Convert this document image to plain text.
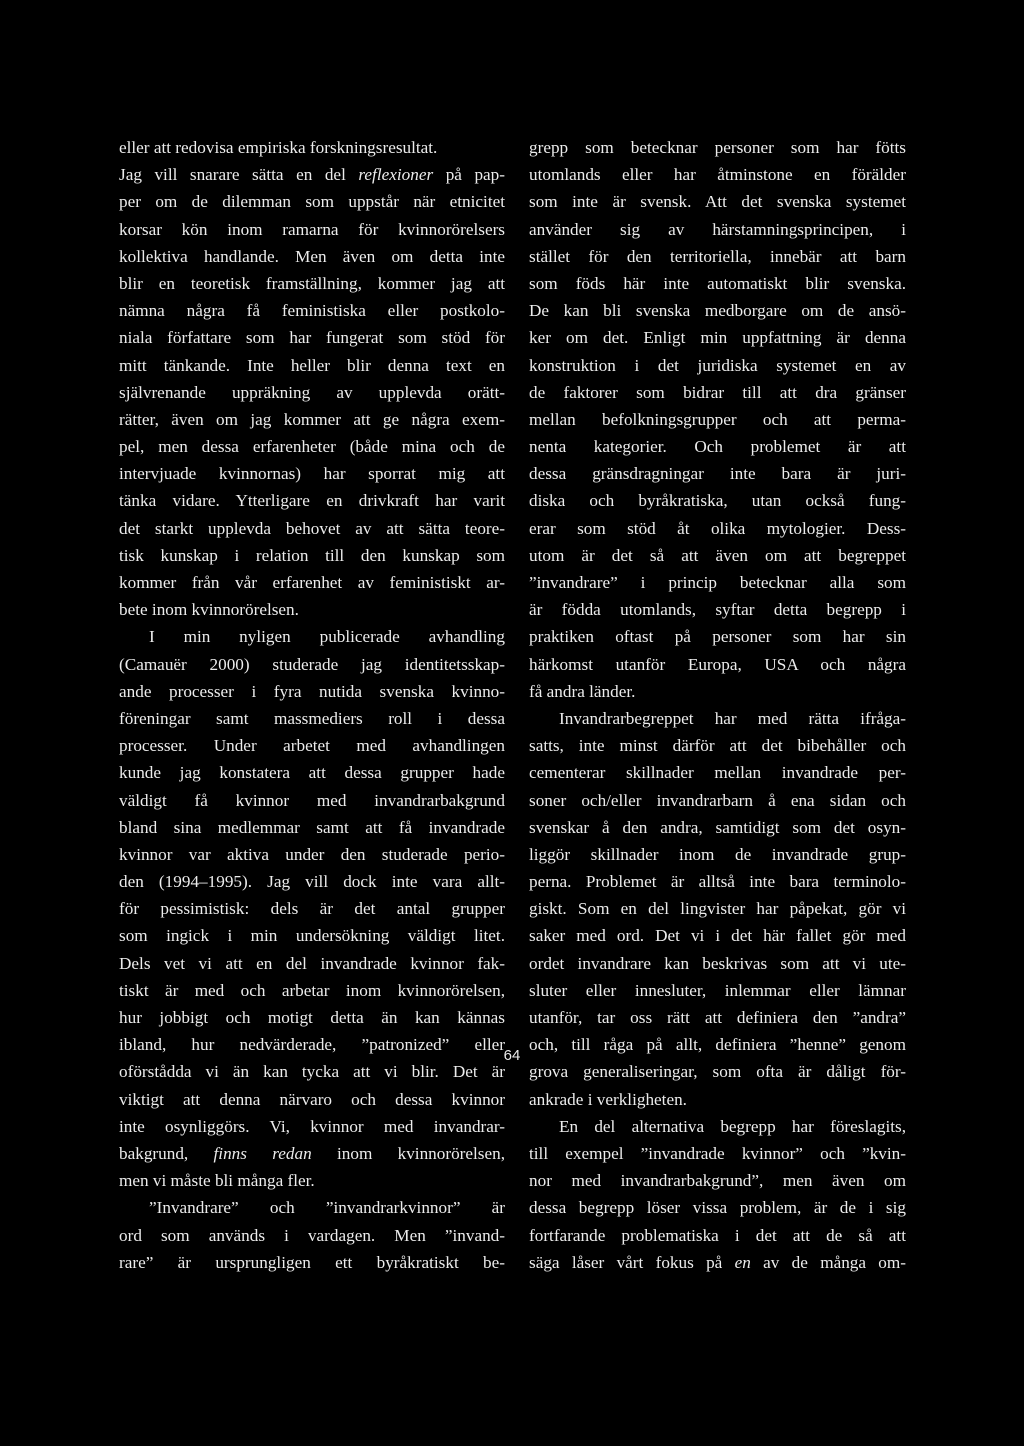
eller att redovisa empiriska forskningsresultat.
Jag vill snarare sätta en del reflexioner på pap-
per om de dilemman som uppstår när etnicitet
korsar kön inom ramarna för kvinnorörelsers
kollektiva handlande. Men även om detta inte
blir en teoretisk framställning, kommer jag att
nämna några få feministiska eller postkolo-
niala författare som har fungerat som stöd för
mitt tänkande. Inte heller blir denna text en
självrenande uppräkning av upplevda orätt-
rätter, även om jag kommer att ge några exem-
pel, men dessa erfarenheter (både mina och de
intervjuade kvinnornas) har sporrat mig att
tänka vidare. Ytterligare en drivkraft har varit
det starkt upplevda behovet av att sätta teore-
tisk kunskap i relation till den kunskap som
kommer från vår erfarenhet av feministiskt ar-
bete inom kvinnorörelsen.
I min nyligen publicerade avhandling
(Camauër 2000) studerade jag identitetsskap-
ande processer i fyra nutida svenska kvinno-
föreningar samt massmediers roll i dessa
processer. Under arbetet med avhandlingen
kunde jag konstatera att dessa grupper hade
väldigt få kvinnor med invandrarbakgrund
bland sina medlemmar samt att få invandrade
kvinnor var aktiva under den studerade perio-
den (1994–1995). Jag vill dock inte vara allt-
för pessimistisk: dels är det antal grupper
som ingick i min undersökning väldigt litet.
Dels vet vi att en del invandrade kvinnor fak-
tiskt är med och arbetar inom kvinnorörelsen,
hur jobbigt och motigt detta än kan kännas
ibland, hur nedvärderade, ”patronized” eller
oförstådda vi än kan tycka att vi blir. Det är
viktigt att denna närvaro och dessa kvinnor
inte osynliggörs. Vi, kvinnor med invandrar-
bakgrund, finns redan inom kvinnorörelsen,
men vi måste bli många fler.
”Invandrare” och ”invandrarkvinnor” är
ord som används i vardagen. Men ”invand-
rare” är ursprungligen ett byråkratiskt be-
grepp som betecknar personer som har fötts
utomlands eller har åtminstone en förälder
som inte är svensk. Att det svenska systemet
använder sig av härstamningsprincipen, i
stället för den territoriella, innebär att barn
som föds här inte automatiskt blir svenska.
De kan bli svenska medborgare om de ansö-
ker om det. Enligt min uppfattning är denna
konstruktion i det juridiska systemet en av
de faktorer som bidrar till att dra gränser
mellan befolkningsgrupper och att perma-
nenta kategorier. Och problemet är att
dessa gränsdragningar inte bara är juri-
diska och byråkratiska, utan också fung-
erar som stöd åt olika mytologier. Dess-
utom är det så att även om att begreppet
”invandrare” i princip betecknar alla som
är födda utomlands, syftar detta begrepp i
praktiken oftast på personer som har sin
härkomst utanför Europa, USA och några
få andra länder.
Invandrarbegreppet har med rätta ifråga-
satts, inte minst därför att det bibehåller och
cementerar skillnader mellan invandrade per-
soner och/eller invandrarbarn å ena sidan och
svenskar å den andra, samtidigt som det osyn-
liggör skillnader inom de invandrade grup-
perna. Problemet är alltså inte bara terminolo-
giskt. Som en del lingvister har påpekat, gör vi
saker med ord. Det vi i det här fallet gör med
ordet invandrare kan beskrivas som att vi ute-
sluter eller innesluter, inlemmar eller lämnar
utanför, tar oss rätt att definiera den ”andra”
och, till råga på allt, definiera ”henne” genom
grova generaliseringar, som ofta är dåligt för-
ankrade i verkligheten.
En del alternativa begrepp har föreslagits,
till exempel ”invandrade kvinnor” och ”kvin-
nor med invandrarbakgrund”, men även om
dessa begrepp löser vissa problem, är de i sig
fortfarande problematiska i det att de så att
säga låser vårt fokus på en av de många om-
64
